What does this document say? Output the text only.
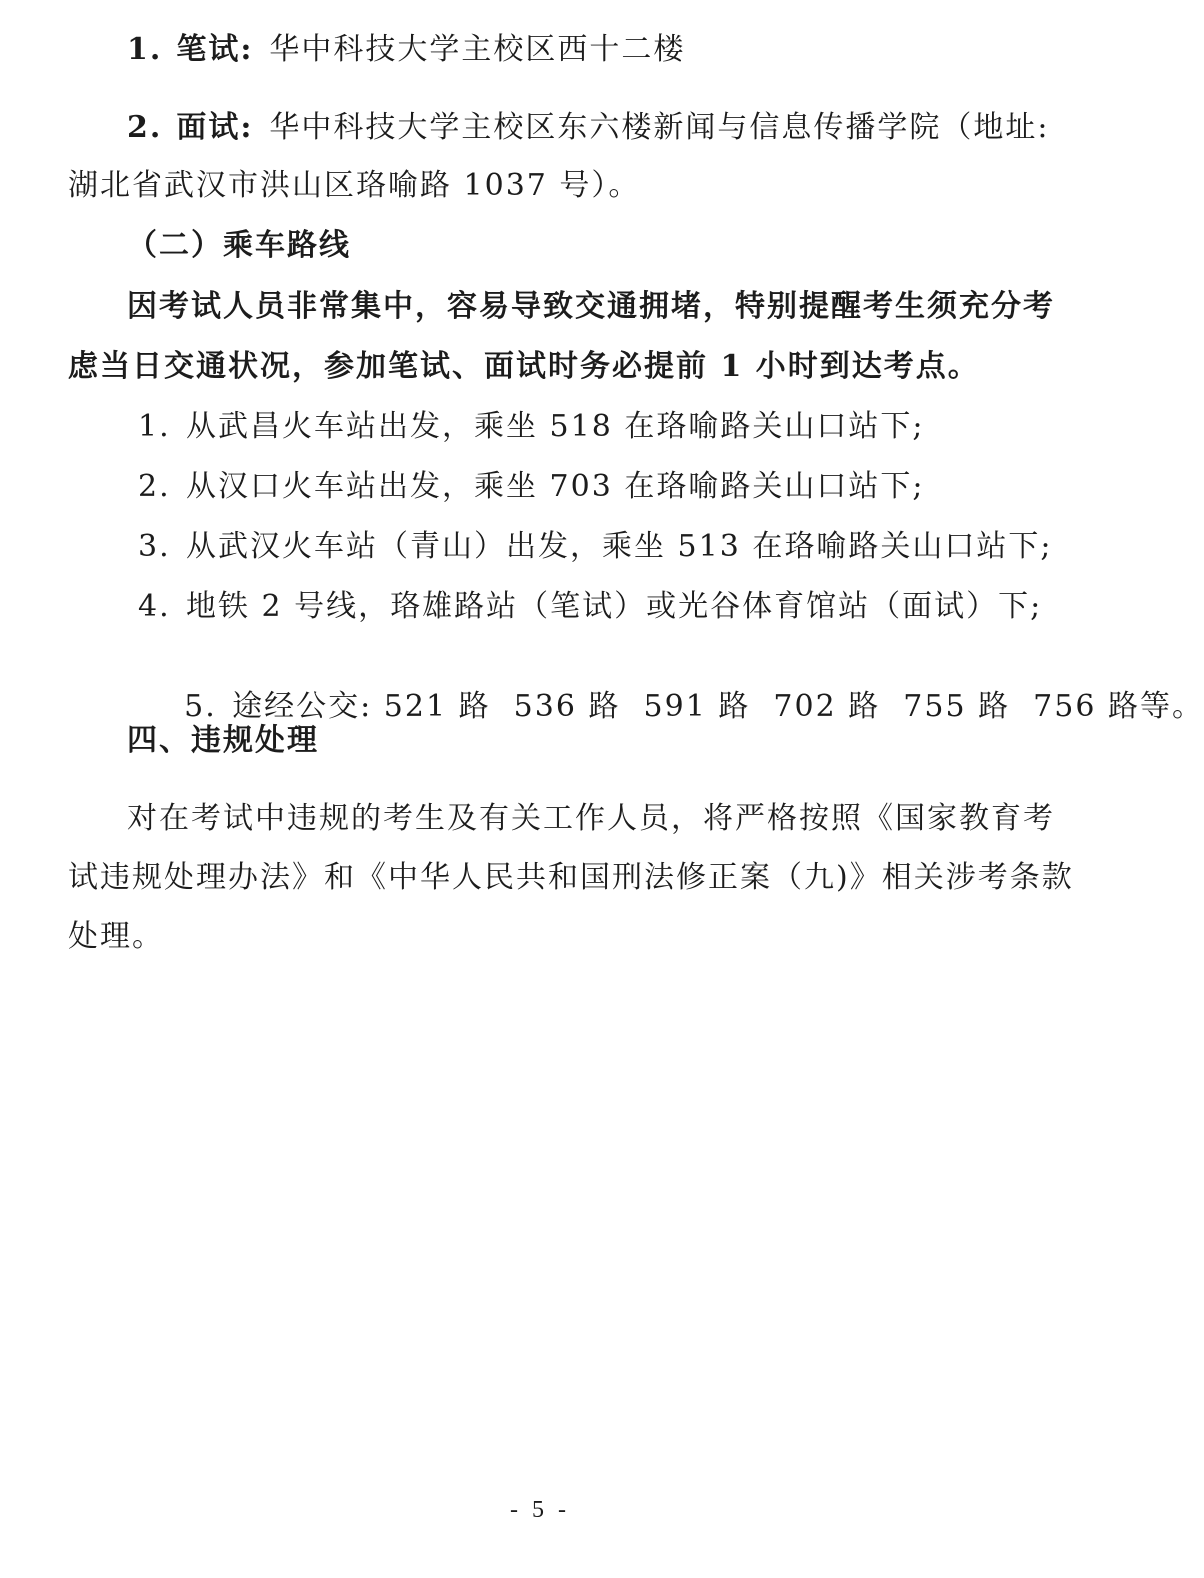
1. 笔试: 华中科技大学主校区西十二楼
2. 面试: 华中科技大学主校区东六楼新闻与信息传播学院（地址:
湖北省武汉市洪山区珞喻路 1037 号）。
（二）乘车路线
因考试人员非常集中，容易导致交通拥堵，特别提醒考生须充分考
虑当日交通状况，参加笔试、面试时务必提前 1 小时到达考点。
1. 从武昌火车站出发，乘坐 518 在珞喻路关山口站下;
2. 从汉口火车站出发，乘坐 703 在珞喻路关山口站下;
3. 从武汉火车站（青山）出发，乘坐 513 在珞喻路关山口站下;
4. 地铁 2 号线，珞雄路站（笔试）或光谷体育馆站（面试）下;

5. 途经公交: 521 路  536 路  591 路  702 路  755 路  756 路等。

四、违规处理
对在考试中违规的考生及有关工作人员，将严格按照《国家教育考
试违规处理办法》和《中华人民共和国刑法修正案（九)》相关涉考条款
处理。
- 5 -
